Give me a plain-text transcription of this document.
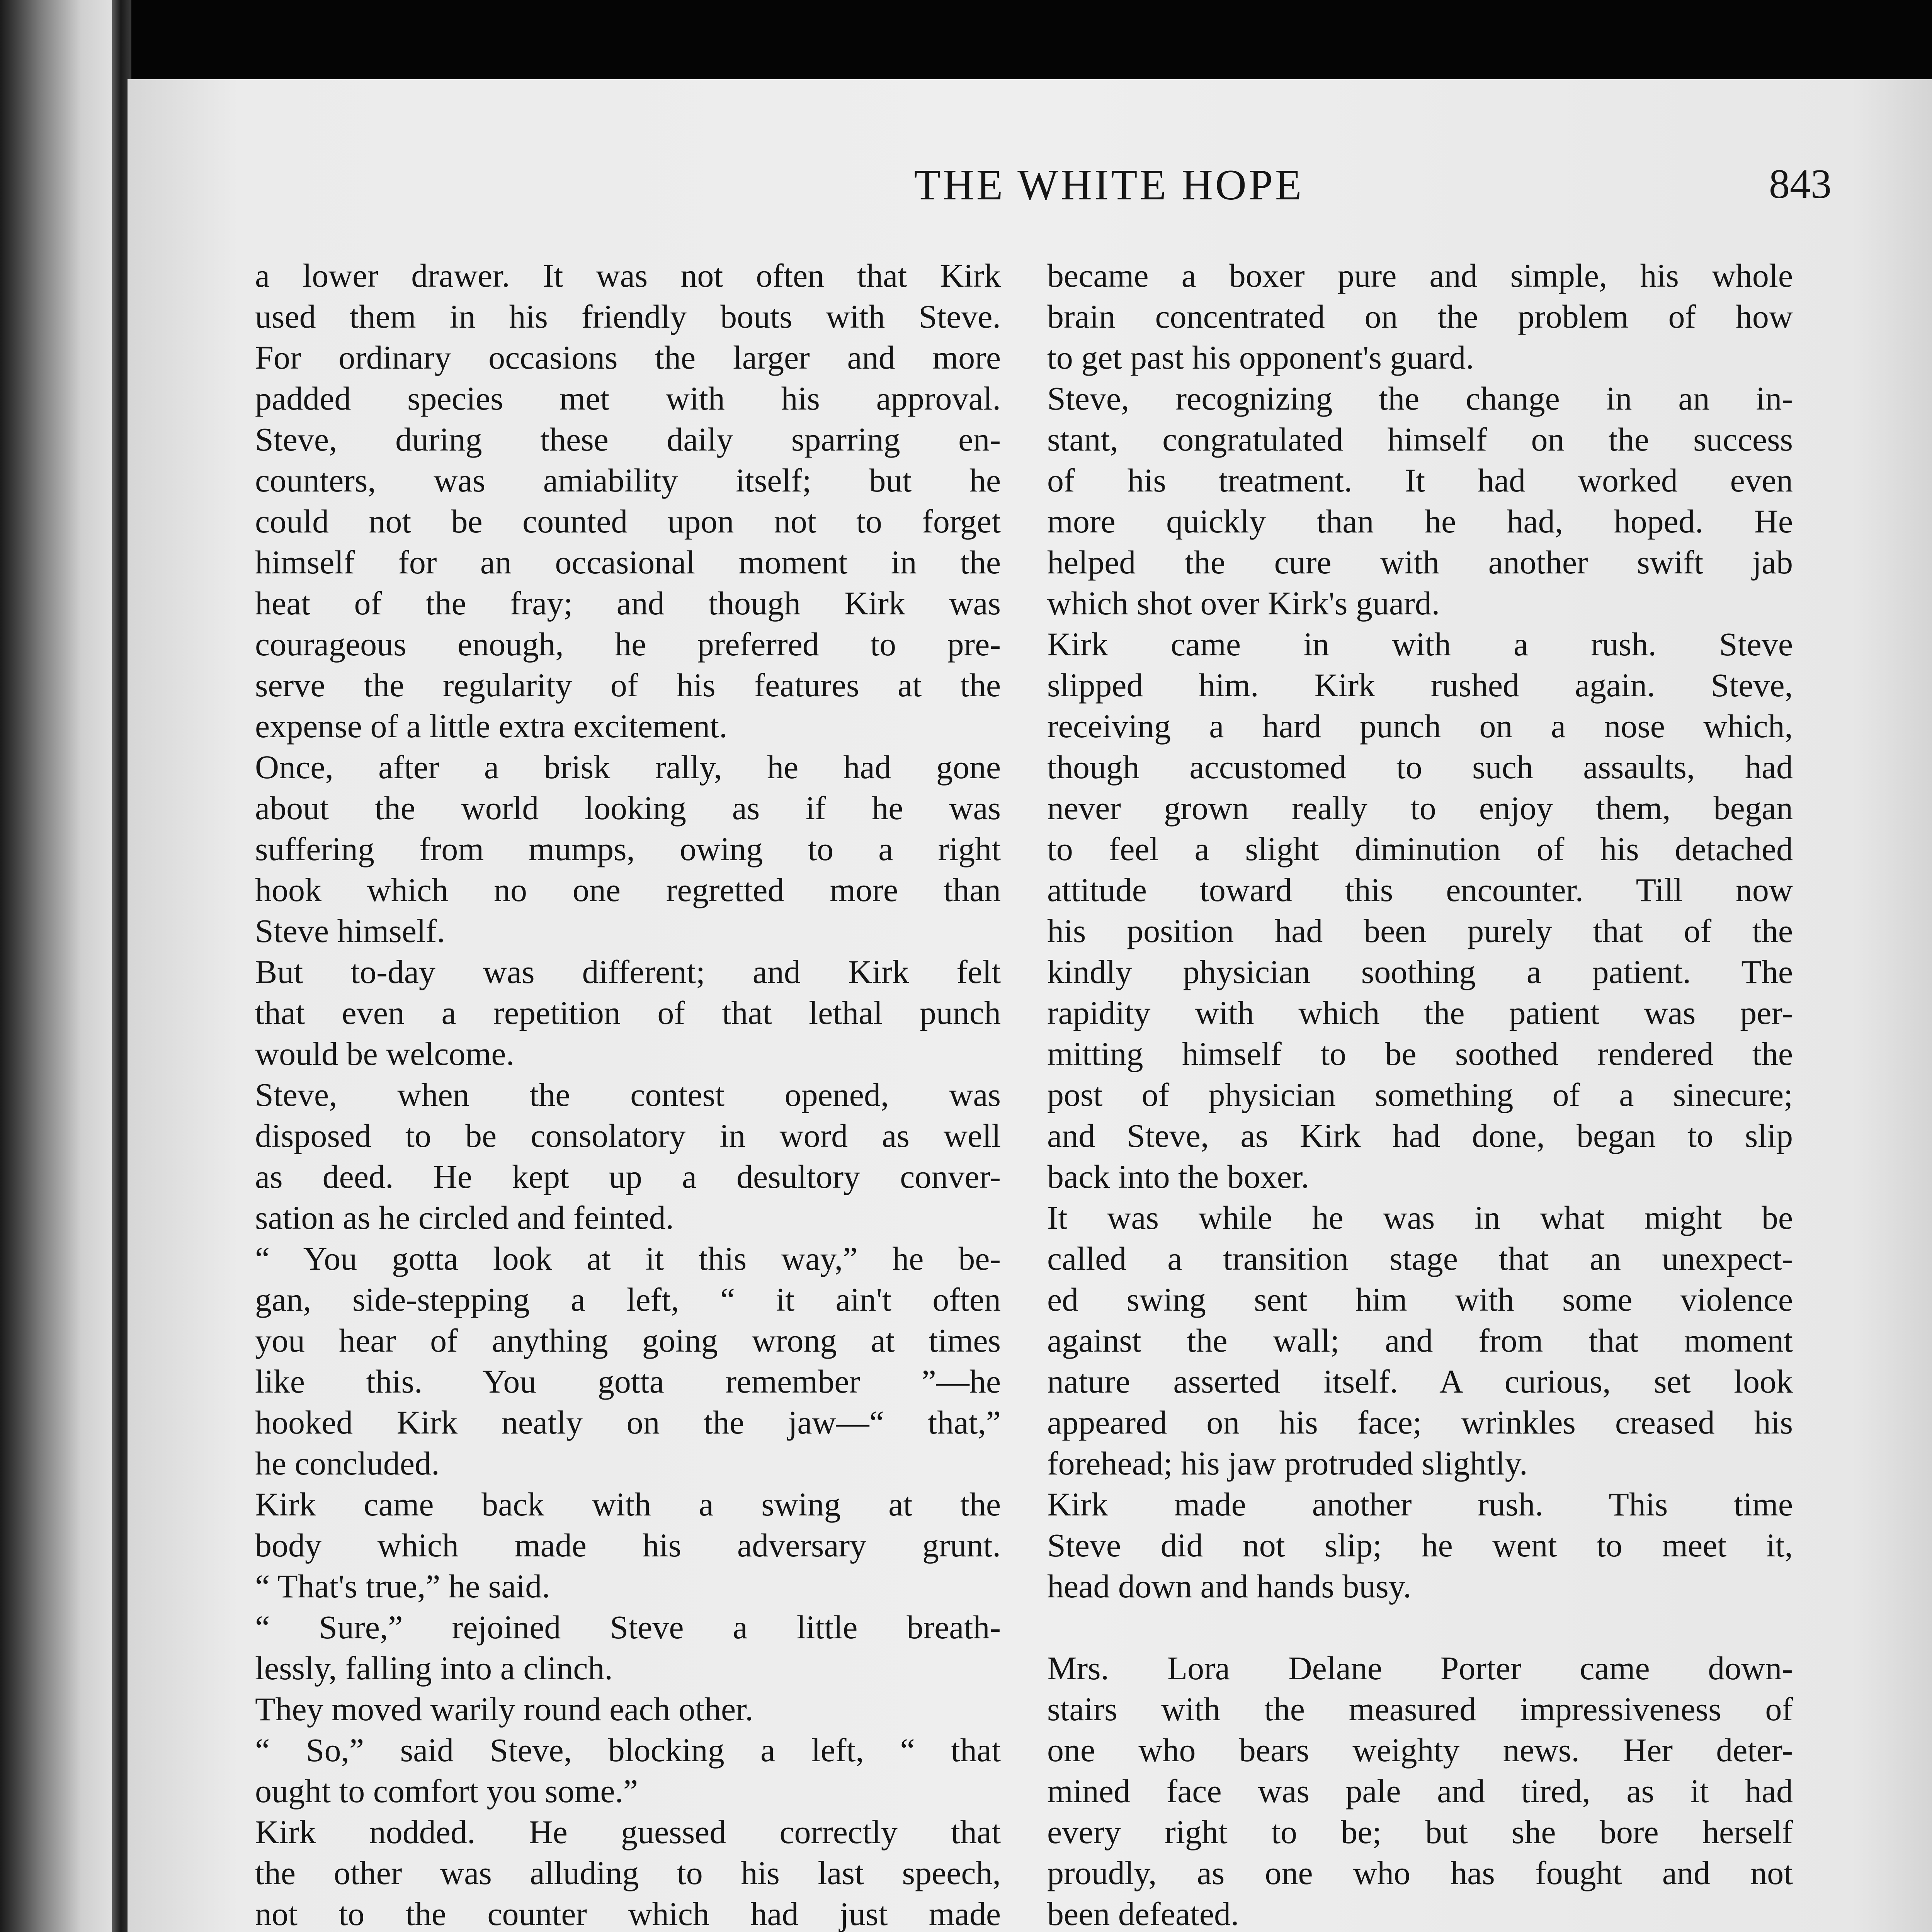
THE WHITE HOPE	843
a lower drawer. It was not often that Kirk
used them in his friendly bouts with Steve.
For ordinary occasions the larger and more
padded species met with his approval.
Steve, during these daily sparring en-
counters, was amiability itself; but he
could not be counted upon not to forget
himself for an occasional moment in the
heat of the fray; and though Kirk was
courageous enough, he preferred to pre-
serve the regularity of his features at the
expense of a little extra excitement.
Once, after a brisk rally, he had gone
about the world looking as if he was
suffering from mumps, owing to a right
hook which no one regretted more than
Steve himself.
But to-day was different; and Kirk felt
that even a repetition of that lethal punch
would be welcome.
Steve, when the contest opened, was
disposed to be consolatory in word as well
as deed. He kept up a desultory conver-
sation as he circled and feinted.
“ You gotta look at it this way,” he be-
gan, side-stepping a left, “ it ain't often
you hear of anything going wrong at times
like this. You gotta remember ”—he
hooked Kirk neatly on the jaw—“ that,”
he concluded.
Kirk came back with a swing at the
body which made his adversary grunt.
“ That's true,” he said.
“ Sure,” rejoined Steve a little breath-
lessly, falling into a clinch.
They moved warily round each other.
“ So,” said Steve, blocking a left, “ that
ought to comfort you some.”
Kirk nodded. He guessed correctly that
the other was alluding to his last speech,
not to the counter which had just made
became a boxer pure and simple, his whole
brain concentrated on the problem of how
to get past his opponent's guard.
Steve, recognizing the change in an in-
stant, congratulated himself on the success
of his treatment. It had worked even
more quickly than he had, hoped. He
helped the cure with another swift jab
which shot over Kirk's guard.
Kirk came in with a rush. Steve
slipped him. Kirk rushed again. Steve,
receiving a hard punch on a nose which,
though accustomed to such assaults, had
never grown really to enjoy them, began
to feel a slight diminution of his detached
attitude toward this encounter. Till now
his position had been purely that of the
kindly physician soothing a patient. The
rapidity with which the patient was per-
mitting himself to be soothed rendered the
post of physician something of a sinecure;
and Steve, as Kirk had done, began to slip
back into the boxer.
It was while he was in what might be
called a transition stage that an unexpect-
ed swing sent him with some violence
against the wall; and from that moment
nature asserted itself. A curious, set look
appeared on his face; wrinkles creased his
forehead; his jaw protruded slightly.
Kirk made another rush. This time
Steve did not slip; he went to meet it,
head down and hands busy.
Mrs. Lora Delane Porter came down-
stairs with the measured impressiveness of
one who bears weighty news. Her deter-
mined face was pale and tired, as it had
every right to be; but she bore herself
proudly, as one who has fought and not
been defeated.
